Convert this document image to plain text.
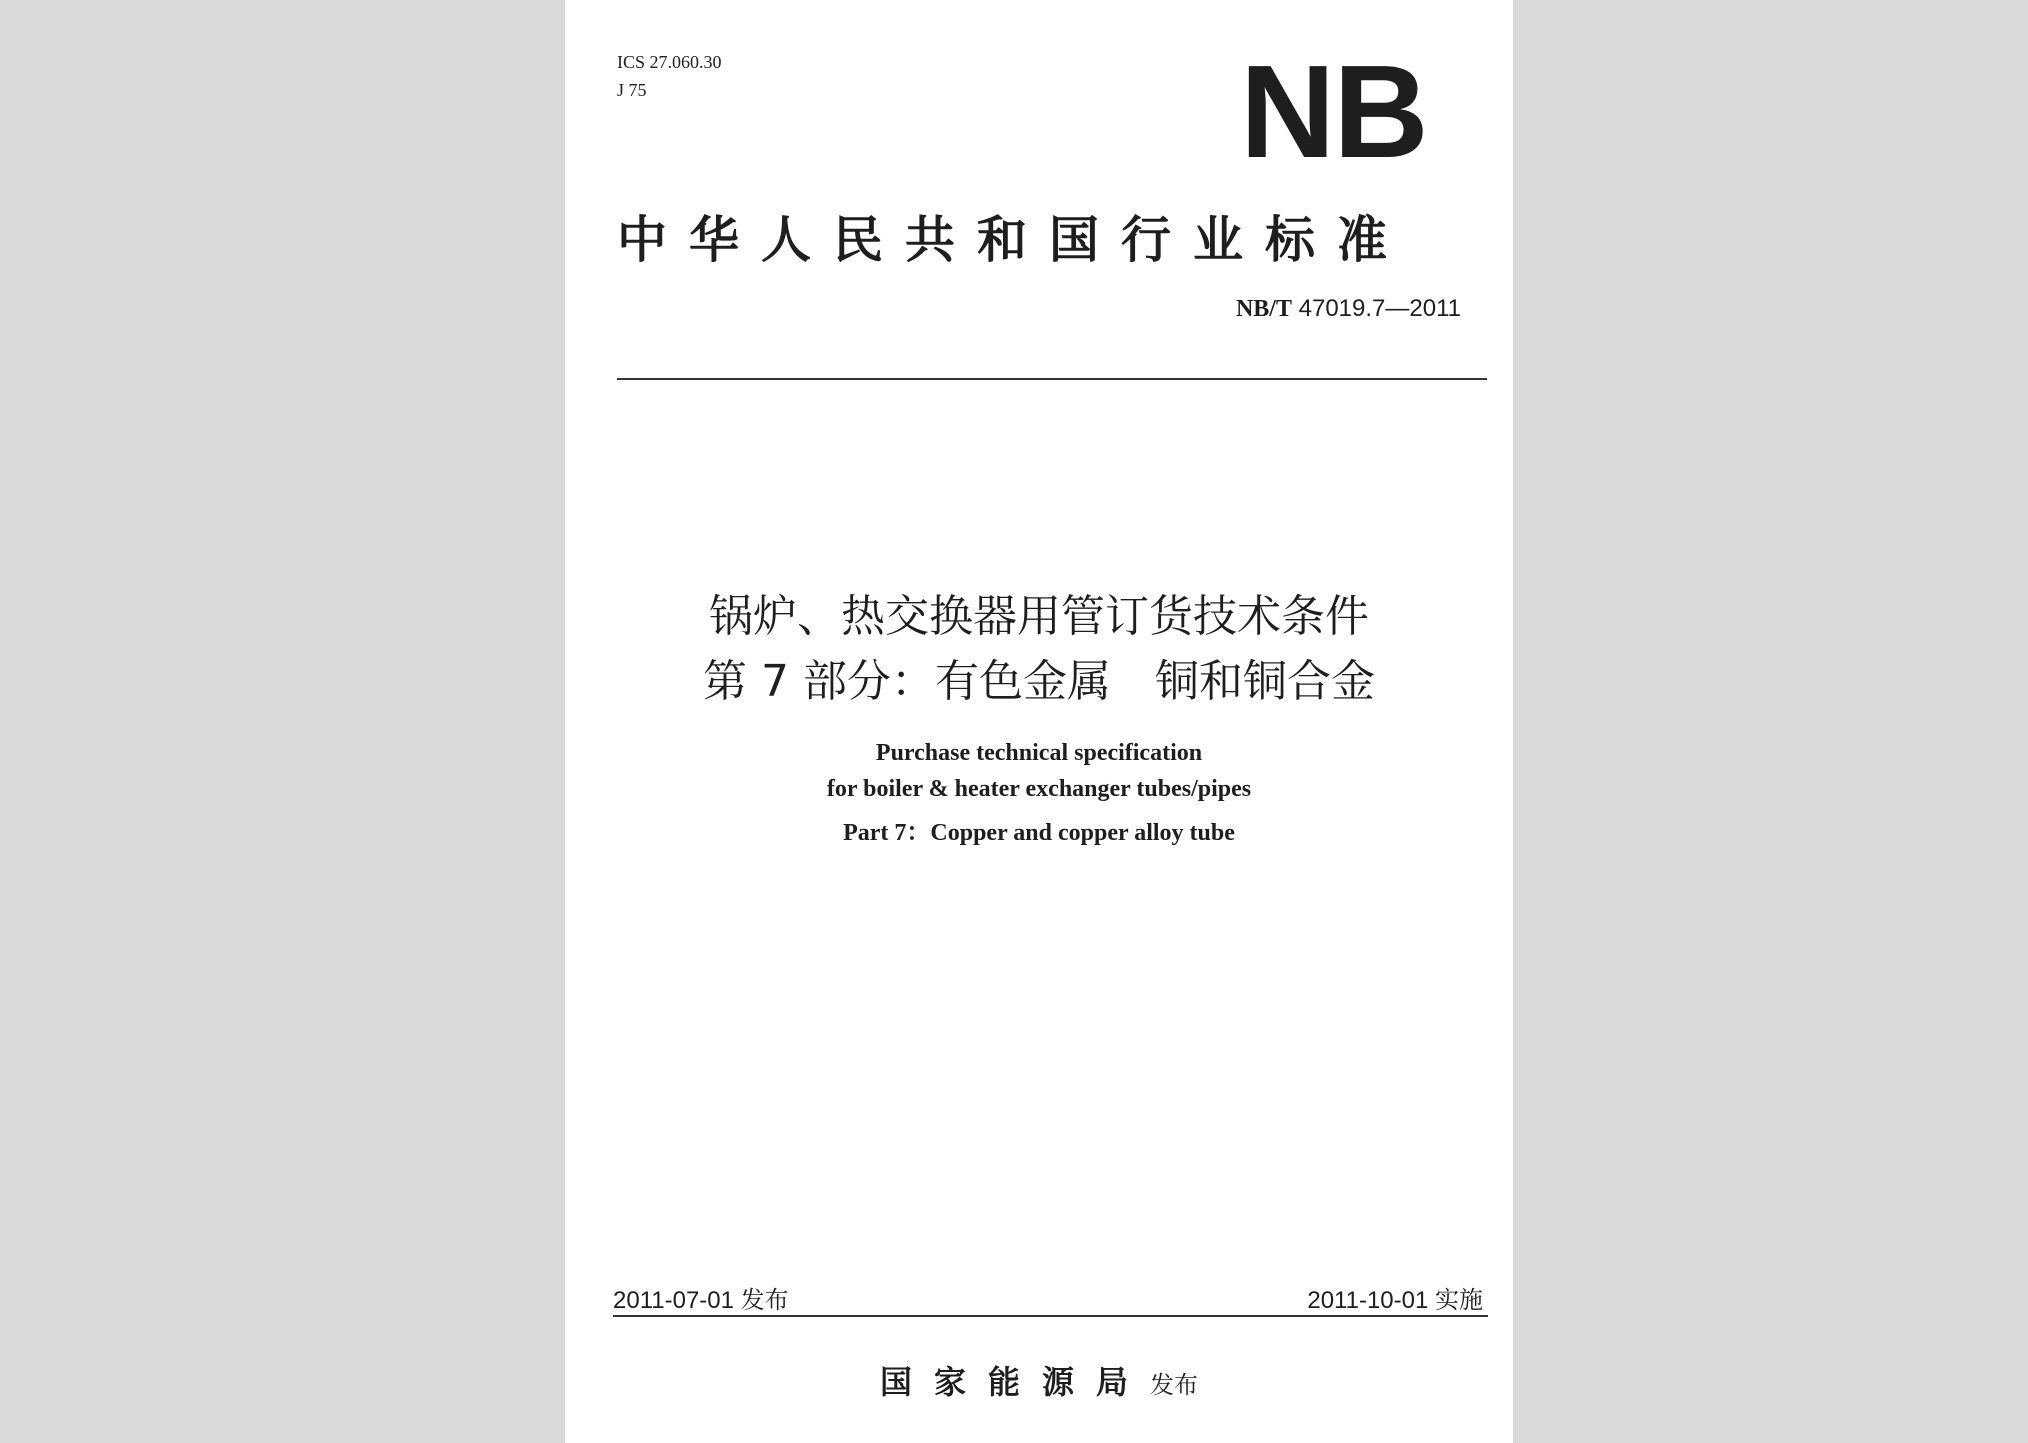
ICS 27.060.30
J 75	NB
中华人民共和国行业标准
NB/T 47019.7—2011
锅炉、热交换器用管订货技术条件
第 7 部分：有色金属　铜和铜合金
Purchase technical specification
for boiler & heater exchanger tubes/pipes
Part 7：Copper and copper alloy tube
2011-07-01 发布	2011-10-01 实施
国家能源局发布
